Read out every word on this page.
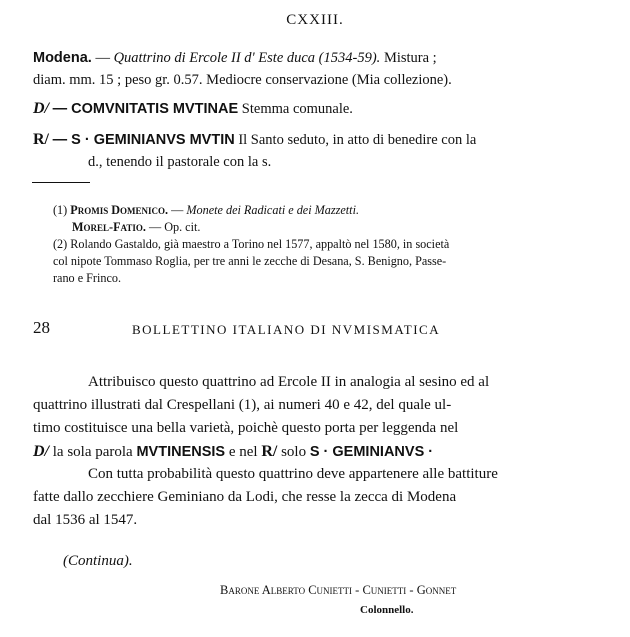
CXXIII.
Modena. — Quattrino di Ercole II d' Este duca (1534-59). Mistura ;
diam. mm. 15 ; peso gr. 0.57. Mediocre conservazione (Mia collezione).
D/ — COMVNITATIS MVTINAE Stemma comunale.
R/ — S · GEMINIANVS MVTIN Il Santo seduto, in atto di benedire con la
d., tenendo il pastorale con la s.
(1) Promis Domenico. — Monete dei Radicati e dei Mazzetti.
Morel-Fatio. — Op. cit.
(2) Rolando Gastaldo, già maestro a Torino nel 1577, appaltò nel 1580, in società
col nipote Tommaso Roglia, per tre anni le zecche di Desana, S. Benigno, Passe-
rano e Frinco.
28	BOLLETTINO ITALIANO DI NVMISMATICA
Attribuisco questo quattrino ad Ercole II in analogia al sesino ed al
quattrino illustrati dal Crespellani (1), ai numeri 40 e 42, del quale ul-
timo costituisce una bella varietà, poichè questo porta per leggenda nel
D/ la sola parola MVTINENSIS e nel R/ solo S · GEMINIANVS ·
Con tutta probabilità questo quattrino deve appartenere alle battiture
fatte dallo zecchiere Geminiano da Lodi, che resse la zecca di Modena
dal 1536 al 1547.
(Continua).
Barone Alberto Cunietti - Cunietti - Gonnet
Colonnello.
